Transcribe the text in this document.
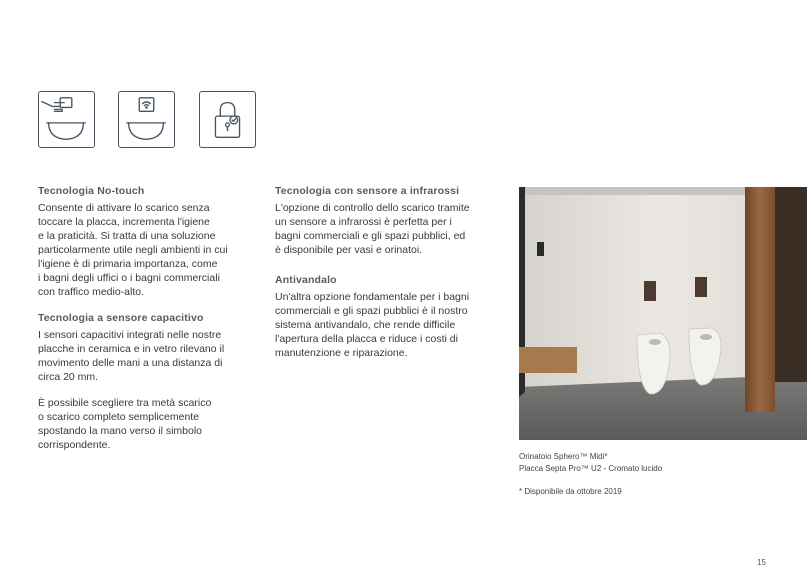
Tecnologia No-touch

Consente di attivare lo scarico senza
toccare la placca, incrementa l'igiene
e la praticità. Si tratta di una soluzione
particolarmente utile negli ambienti in cui
l'igiene è di primaria importanza, come
i bagni degli uffici o i bagni commerciali
con traffico medio-alto.

Tecnologia a sensore capacitivo

I sensori capacitivi integrati nelle nostre
placche in ceramica e in vetro rilevano il
movimento delle mani a una distanza di
circa 20 mm.

È possibile scegliere tra metà scarico
o scarico completo semplicemente
spostando la mano verso il simbolo
corrispondente.

Tecnologia con sensore a infrarossi

L'opzione di controllo dello scarico tramite
un sensore a infrarossi è perfetta per i
bagni commerciali e gli spazi pubblici, ed
è disponibile per vasi e orinatoi.

Antivandalo

Un'altra opzione fondamentale per i bagni
commerciali e gli spazi pubblici è il nostro
sistema antivandalo, che rende difficile
l'apertura della placca e riduce i costi di
manutenzione e riparazione.

Orinatoio Sphero™ Midi*
Placca Septa Pro™ U2 - Cromato lucido
* Disponibile da ottobre 2019
15
